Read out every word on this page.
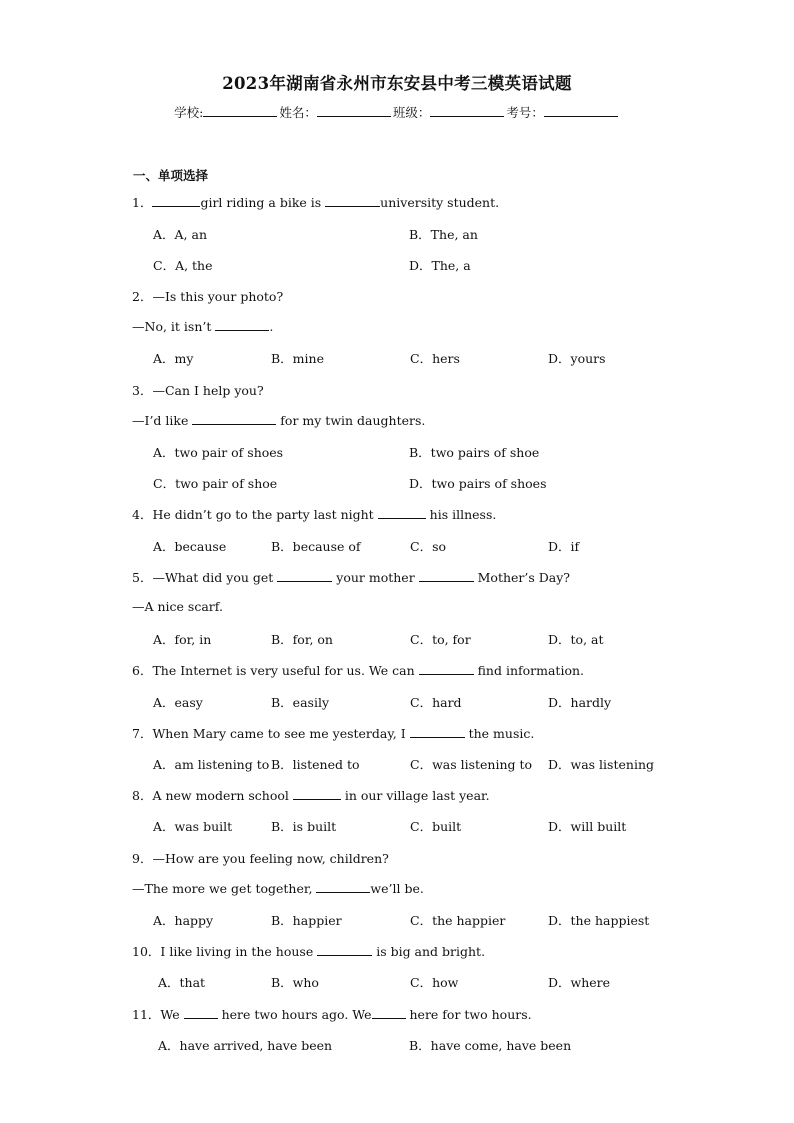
2023年湖南省永州市东安县中考三模英语试题
学校:	姓名：	班级：	考号：
一、单项选择
1．	girl riding a bike is	university student.
A．A, an	B．The, an
C．A, the	D．The, a
2．—Is this your photo?
—No, it isn’t	.
A．my	B．mine	C．hers	D．yours
3．—Can I help you?
—I’d like	for my twin daughters.
A．two pair of shoes	B．two pairs of shoe
C．two pair of shoe	D．two pairs of shoes
4．He didn’t go to the party last night	his illness.
A．because	B．because of	C．so	D．if
5．—What did you get	your mother	Mother’s Day?
—A nice scarf.
A．for, in	B．for, on	C．to, for	D．to, at
6．The Internet is very useful for us. We can	find information.
A．easy	B．easily	C．hard	D．hardly
7．When Mary came to see me yesterday, I	the music.
A．am listening to B．listened to	C．was listening to D．was listening
8．A new modern school	in our village last year.
A．was built	B．is built	C．built	D．will built
9．—How are you feeling now, children?
—The more we get together,	we’ll be.
A．happy	B．happier	C．the happier	D．the happiest
10．I like living in the house	is big and bright.
A．that	B．who	C．how	D．where
11．We	here two hours ago. We	here for two hours.
A．have arrived, have been	B．have come, have been
